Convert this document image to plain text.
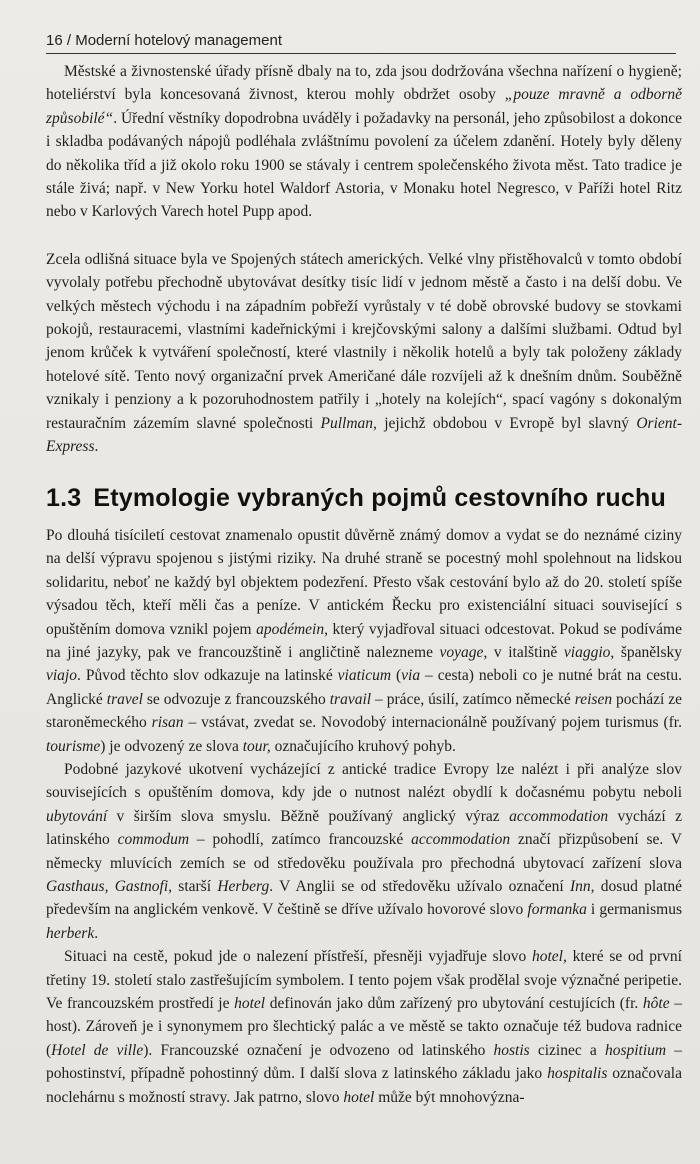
16 / Moderní hotelový management

Městské a živnostenské úřady přísně dbaly na to, zda jsou dodržována všechna nařízení o hygieně; hoteliérství byla koncesovaná živnost, kterou mohly obdržet osoby „pouze mravně a odborně způsobilé“. Úřední věstníky dopodrobna uváděly i požadavky na personál, jeho způsobilost a dokonce i skladba podávaných nápojů podléhala zvláštnímu povolení za účelem zdanění. Hotely byly děleny do několika tříd a již okolo roku 1900 se stávaly i centrem společenského života měst. Tato tradice je stále živá; např. v New Yorku hotel Waldorf Astoria, v Monaku hotel Negresco, v Paříži hotel Ritz nebo v Karlových Varech hotel Pupp apod.

Zcela odlišná situace byla ve Spojených státech amerických. Velké vlny přistěhovalců v tomto období vyvolaly potřebu přechodně ubytovávat desítky tisíc lidí v jednom městě a často i na delší dobu. Ve velkých městech východu i na západním pobřeží vyrůstaly v té době obrovské budovy se stovkami pokojů, restauracemi, vlastními kadeřnickými i krejčovskými salony a dalšími službami. Odtud byl jenom krůček k vytváření společností, které vlastnily i několik hotelů a byly tak položeny základy hotelové sítě. Tento nový organizační prvek Američané dále rozvíjeli až k dnešním dnům. Souběžně vznikaly i penziony a k pozoruhodnostem patřily i „hotely na kolejích“, spací vagóny s dokonalým restauračním zázemím slavné společnosti Pullman, jejichž obdobou v Evropě byl slavný Orient-Express.

1.3 Etymologie vybraných pojmů cestovního ruchu

Po dlouhá tisíciletí cestovat znamenalo opustit důvěrně známý domov a vydat se do neznámé ciziny na delší výpravu spojenou s jistými riziky. Na druhé straně se pocestný mohl spolehnout na lidskou solidaritu, neboť ne každý byl objektem podezření. Přesto však cestování bylo až do 20. století spíše výsadou těch, kteří měli čas a peníze. V antickém Řecku pro existenciální situaci související s opuštěním domova vznikl pojem apodémein, který vyjadřoval situaci odcestovat. Pokud se podíváme na jiné jazyky, pak ve francouzštině i angličtině nalezneme voyage, v italštině viaggio, španělsky viajo. Původ těchto slov odkazuje na latinské viaticum (via – cesta) neboli co je nutné brát na cestu. Anglické travel se odvozuje z francouzského travail – práce, úsilí, zatímco německé reisen pochází ze staroněmeckého risan – vstávat, zvedat se. Novodobý internacionálně používaný pojem turismus (fr. tourisme) je odvozený ze slova tour, označujícího kruhový pohyb.

Podobné jazykové ukotvení vycházející z antické tradice Evropy lze nalézt i při analýze slov souvisejících s opuštěním domova, kdy jde o nutnost nalézt obydlí k dočasnému pobytu neboli ubytování v širším slova smyslu. Běžně používaný anglický výraz accommodation vychází z latinského commodum – pohodlí, zatímco francouzské accommodation značí přizpůsobení se. V německy mluvících zemích se od středověku používala pro přechodná ubytovací zařízení slova Gasthaus, Gastnofi, starší Herberg. V Anglii se od středověku užívalo označení Inn, dosud platné především na anglickém venkově. V češtině se dříve užívalo hovorové slovo formanka i germanismus herberk.

Situaci na cestě, pokud jde o nalezení přístřeší, přesněji vyjadřuje slovo hotel, které se od první třetiny 19. století stalo zastřešujícím symbolem. I tento pojem však prodělal svoje význačné peripetie. Ve francouzském prostředí je hotel definován jako dům zařízený pro ubytování cestujících (fr. hôte – host). Zároveň je i synonymem pro šlechtický palác a ve městě se takto označuje též budova radnice (Hotel de ville). Francouzské označení je odvozeno od latinského hostis cizinec a hospitium – pohostinství, případně pohostinný dům. I další slova z latinského základu jako hospitalis označovala noclehárnu s možností stravy. Jak patrno, slovo hotel může být mnohovýzna-
